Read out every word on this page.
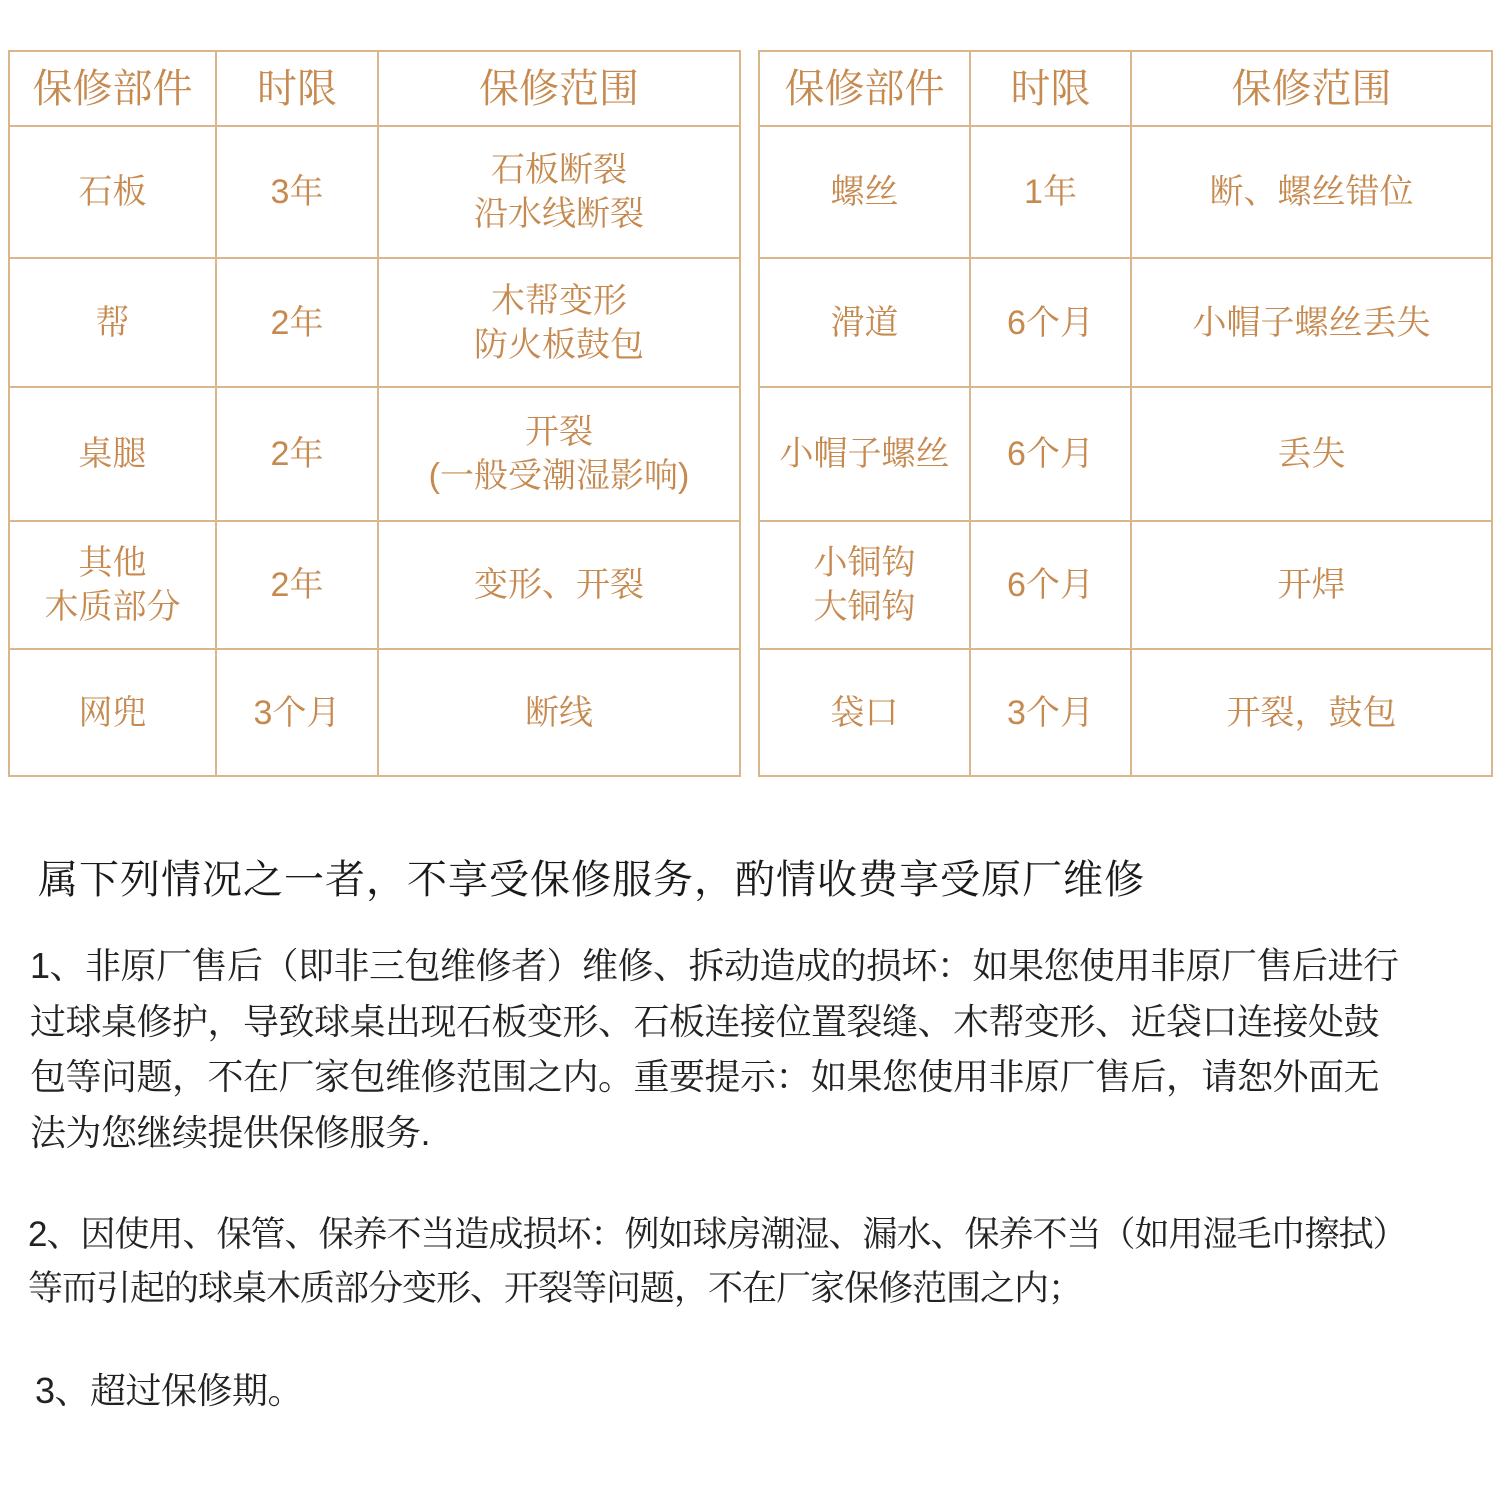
保修部件	时限	保修范围

石板	3年	石板断裂
沿水线断裂

帮	2年	木帮变形
防火板鼓包

桌腿	2年	开裂
(一般受潮湿影响)

其他
木质部分	2年	变形、开裂

网兜	3个月	断线
保修部件	时限	保修范围

螺丝	1年	断、螺丝错位

滑道	6个月	小帽子螺丝丢失

小帽子螺丝	6个月	丢失

小铜钩
大铜钩	6个月	开焊

袋口	3个月	开裂，鼓包
属下列情况之一者，不享受保修服务，酌情收费享受原厂维修
1、非原厂售后（即非三包维修者）维修、拆动造成的损坏：如果您使用非原厂售后进行
过球桌修护，导致球桌出现石板变形、石板连接位置裂缝、木帮变形、近袋口连接处鼓
包等问题，不在厂家包维修范围之内。重要提示：如果您使用非原厂售后，请恕外面无
法为您继续提供保修服务.
2、因使用、保管、保养不当造成损坏：例如球房潮湿、漏水、保养不当（如用湿毛巾擦拭）
等而引起的球桌木质部分变形、开裂等问题，不在厂家保修范围之内；
3、超过保修期。
